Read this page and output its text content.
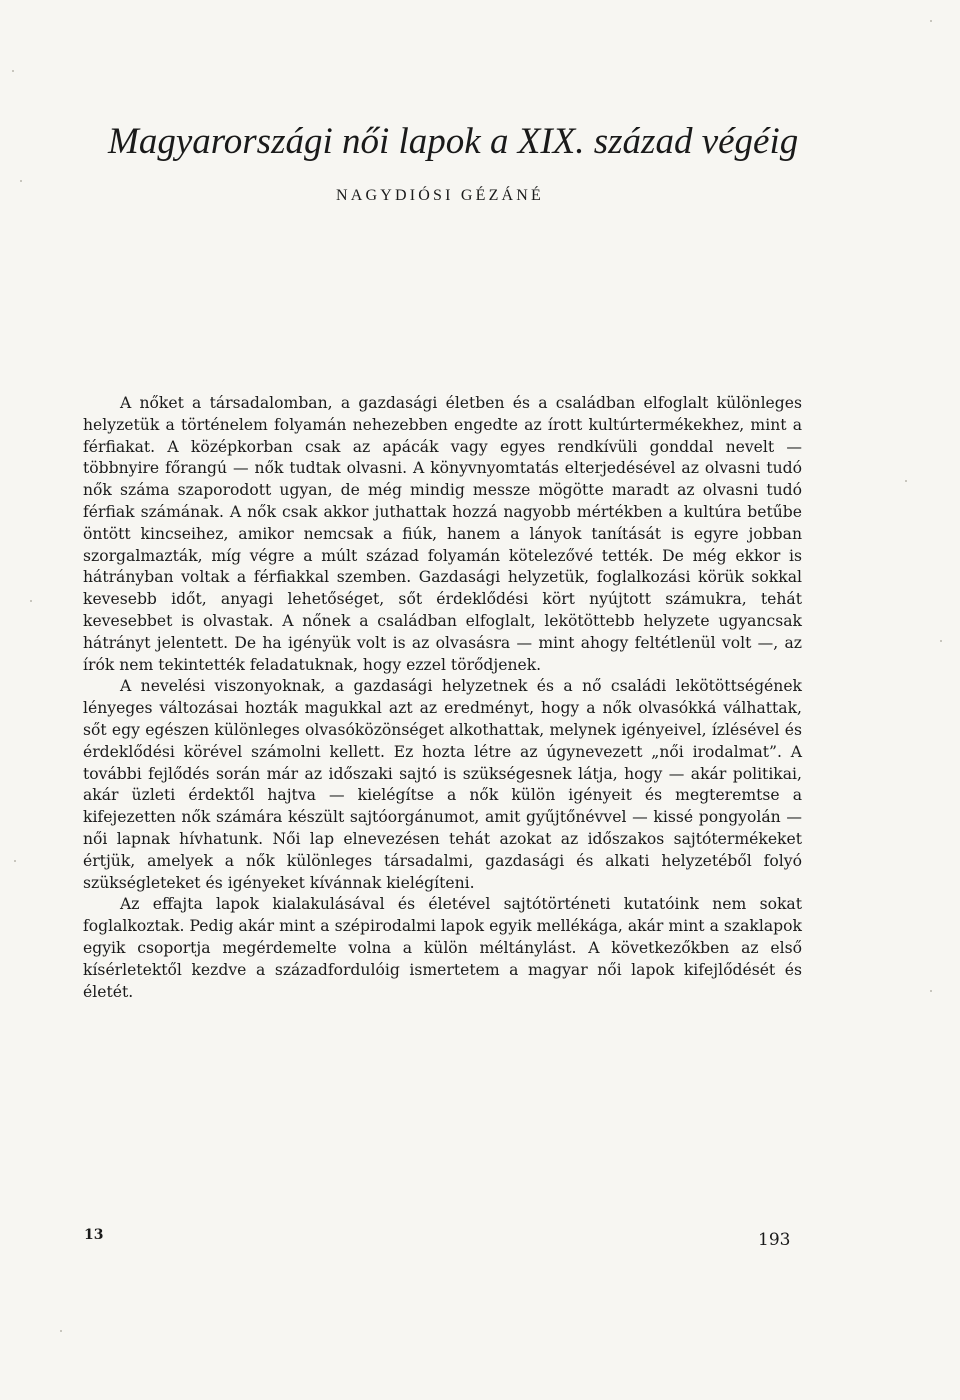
Magyarországi női lapok a XIX. század végéig
NAGYDIÓSI GÉZÁNÉ

A nőket a társadalomban, a gazdasági életben és a családban elfoglalt különleges helyzetük a történelem folyamán nehezebben engedte az írott kultúrtermékekhez, mint a férfiakat. A középkorban csak az apácák vagy egyes rendkívüli gonddal nevelt — többnyire főrangú — nők tudtak olvasni. A könyvnyomtatás elterjedésével az olvasni tudó nők száma szaporodott ugyan, de még mindig messze mögötte maradt az olvasni tudó férfiak számának. A nők csak akkor juthattak hozzá nagyobb mértékben a kultúra betűbe öntött kincseihez, amikor nemcsak a fiúk, hanem a lányok tanítását is egyre jobban szorgalmazták, míg végre a múlt század folyamán kötelezővé tették. De még ekkor is hátrányban voltak a férfiakkal szemben. Gazdasági helyzetük, foglalkozási körük sokkal kevesebb időt, anyagi lehetőséget, sőt érdeklődési kört nyújtott számukra, tehát kevesebbet is olvastak. A nőnek a családban elfoglalt, lekötöttebb helyzete ugyancsak hátrányt jelentett. De ha igényük volt is az olvasásra — mint ahogy feltétlenül volt —, az írók nem tekintették feladatuknak, hogy ezzel törődjenek.

A nevelési viszonyoknak, a gazdasági helyzetnek és a nő családi lekötöttségének lényeges változásai hozták magukkal azt az eredményt, hogy a nők olvasókká válhattak, sőt egy egészen különleges olvasóközönséget alkothattak, melynek igényeivel, ízlésével és érdeklődési körével számolni kellett. Ez hozta létre az úgynevezett „női irodalmat”. A további fejlődés során már az időszaki sajtó is szükségesnek látja, hogy — akár politikai, akár üzleti érdektől hajtva — kielégítse a nők külön igényeit és megteremtse a kifejezetten nők számára készült sajtóorgánumot, amit gyűjtőnévvel — kissé pongyolán — női lapnak hívhatunk. Női lap elnevezésen tehát azokat az időszakos sajtótermékeket értjük, amelyek a nők különleges társadalmi, gazdasági és alkati helyzetéből folyó szükségleteket és igényeket kívánnak kielégíteni.

Az effajta lapok kialakulásával és életével sajtótörténeti kutatóink nem sokat foglalkoztak. Pedig akár mint a szépirodalmi lapok egyik mellékága, akár mint a szaklapok egyik csoportja megérdemelte volna a külön méltánylást. A következőkben az első kísérletektől kezdve a századfordulóig ismertetem a magyar női lapok kifejlődését és életét.

13	193
